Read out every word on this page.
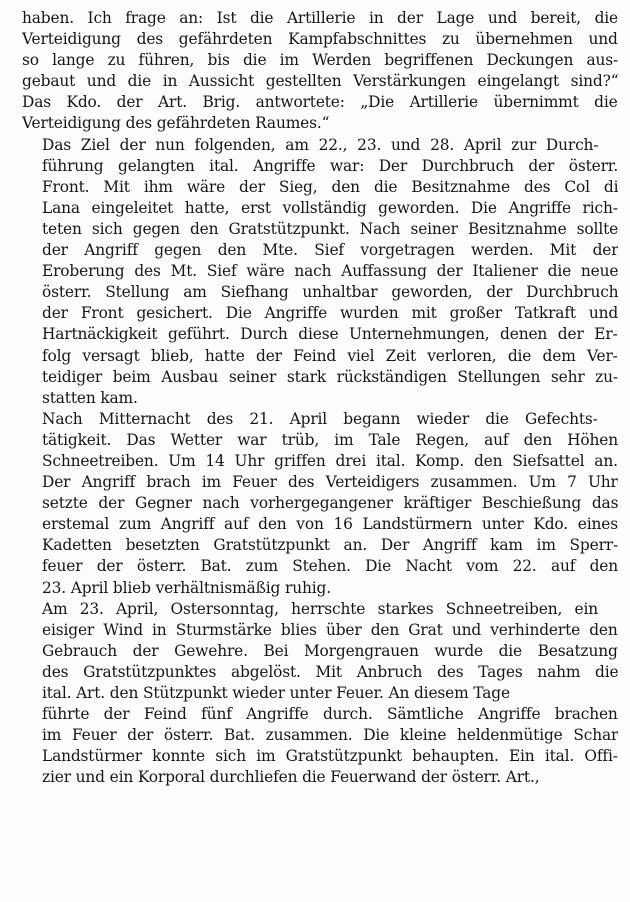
haben. Ich frage an: Ist die Artillerie in der Lage und bereit, die
Verteidigung des gefährdeten Kampfabschnittes zu übernehmen und
so lange zu führen, bis die im Werden begriffenen Deckungen aus-
gebaut und die in Aussicht gestellten Verstärkungen eingelangt sind?“
Das Kdo. der Art. Brig. antwortete: „Die Artillerie übernimmt die
Verteidigung des gefährdeten Raumes.“

Das Ziel der nun folgenden, am 22., 23. und 28. April zur Durch-
führung gelangten ital. Angriffe war: Der Durchbruch der österr.
Front. Mit ihm wäre der Sieg, den die Besitznahme des Col di
Lana eingeleitet hatte, erst vollständig geworden. Die Angriffe rich-
teten sich gegen den Gratstützpunkt. Nach seiner Besitznahme sollte
der Angriff gegen den Mte. Sief vorgetragen werden. Mit der
Eroberung des Mt. Sief wäre nach Auffassung der Italiener die neue
österr. Stellung am Siefhang unhaltbar geworden, der Durchbruch
der Front gesichert. Die Angriffe wurden mit großer Tatkraft und
Hartnäckigkeit geführt. Durch diese Unternehmungen, denen der Er-
folg versagt blieb, hatte der Feind viel Zeit verloren, die dem Ver-
teidiger beim Ausbau seiner stark rückständigen Stellungen sehr zu-
statten kam.

Nach Mitternacht des 21. April begann wieder die Gefechts-
tätigkeit. Das Wetter war trüb, im Tale Regen, auf den Höhen
Schneetreiben. Um 14 Uhr griffen drei ital. Komp. den Siefsattel an.
Der Angriff brach im Feuer des Verteidigers zusammen. Um 7 Uhr
setzte der Gegner nach vorhergegangener kräftiger Beschießung das
erstemal zum Angriff auf den von 16 Landstürmern unter Kdo. eines
Kadetten besetzten Gratstützpunkt an. Der Angriff kam im Sperr-
feuer der österr. Bat. zum Stehen. Die Nacht vom 22. auf den
23. April blieb verhältnismäßig ruhig.

Am 23. April, Ostersonntag, herrschte starkes Schneetreiben, ein
eisiger Wind in Sturmstärke blies über den Grat und verhinderte den
Gebrauch der Gewehre. Bei Morgengrauen wurde die Besatzung
des Gratstützpunktes abgelöst. Mit Anbruch des Tages nahm die
ital. Art. den Stützpunkt wieder unter Feuer. An diesem Tage
führte der Feind fünf Angriffe durch. Sämtliche Angriffe brachen
im Feuer der österr. Bat. zusammen. Die kleine heldenmütige Schar
Landstürmer konnte sich im Gratstützpunkt behaupten. Ein ital. Offi-
zier und ein Korporal durchliefen die Feuerwand der österr. Art.,
